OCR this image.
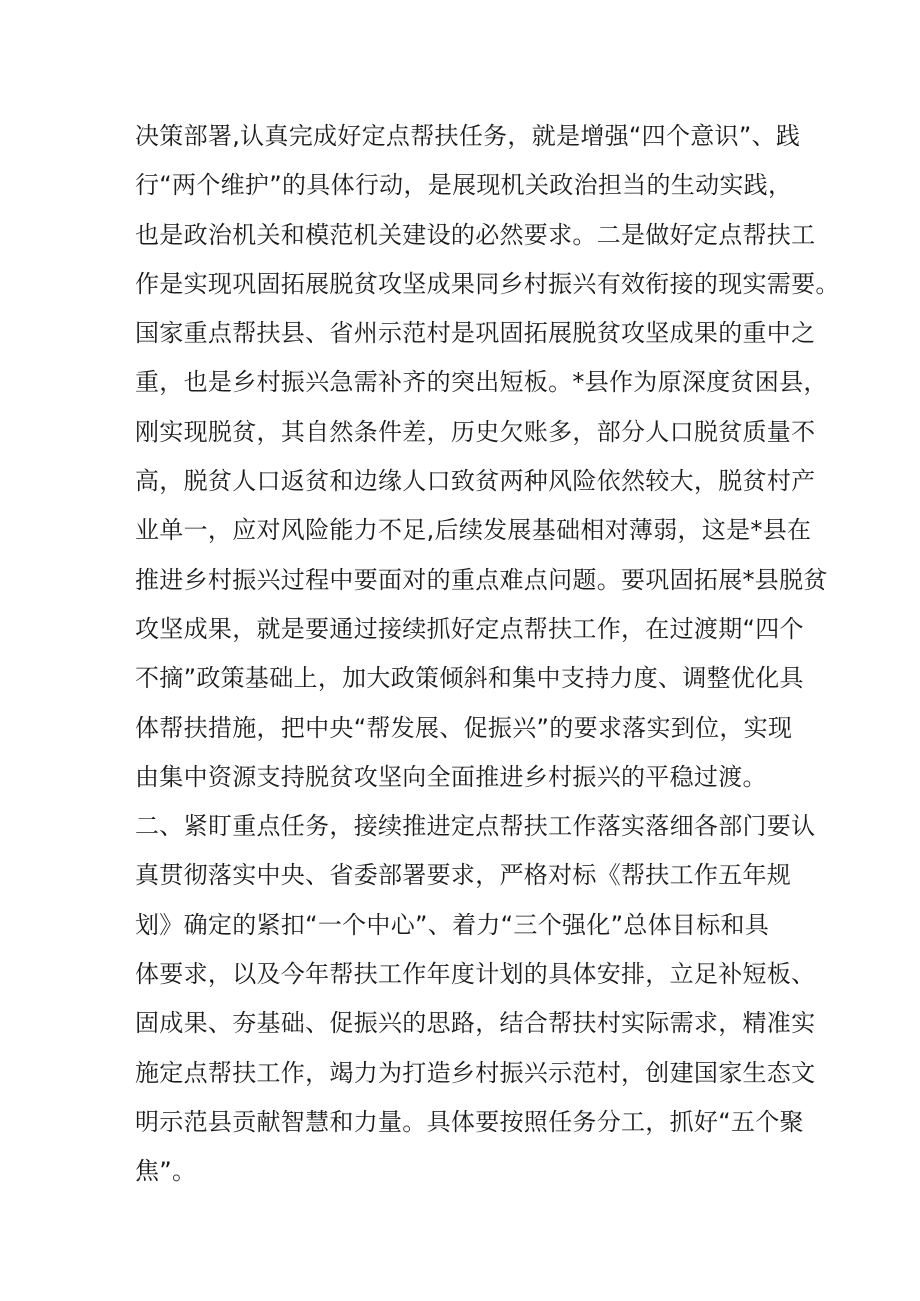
决策部署,认真完成好定点帮扶任务，就是增强“四个意识”、践
行“两个维护”的具体行动，是展现机关政治担当的生动实践，
也是政治机关和模范机关建设的必然要求。二是做好定点帮扶工
作是实现巩固拓展脱贫攻坚成果同乡村振兴有效衔接的现实需要。
国家重点帮扶县、省州示范村是巩固拓展脱贫攻坚成果的重中之
重，也是乡村振兴急需补齐的突出短板。*县作为原深度贫困县，
刚实现脱贫，其自然条件差，历史欠账多，部分人口脱贫质量不
高，脱贫人口返贫和边缘人口致贫两种风险依然较大，脱贫村产
业单一，应对风险能力不足,后续发展基础相对薄弱，这是*县在
推进乡村振兴过程中要面对的重点难点问题。要巩固拓展*县脱贫
攻坚成果，就是要通过接续抓好定点帮扶工作，在过渡期“四个
不摘”政策基础上，加大政策倾斜和集中支持力度、调整优化具
体帮扶措施，把中央“帮发展、促振兴”的要求落实到位，实现
由集中资源支持脱贫攻坚向全面推进乡村振兴的平稳过渡。
二、紧盯重点任务，接续推进定点帮扶工作落实落细各部门要认
真贯彻落实中央、省委部署要求，严格对标《帮扶工作五年规
划》确定的紧扣“一个中心”、着力“三个强化”总体目标和具
体要求，以及今年帮扶工作年度计划的具体安排，立足补短板、
固成果、夯基础、促振兴的思路，结合帮扶村实际需求，精准实
施定点帮扶工作，竭力为打造乡村振兴示范村，创建国家生态文
明示范县贡献智慧和力量。具体要按照任务分工，抓好“五个聚
焦”。
